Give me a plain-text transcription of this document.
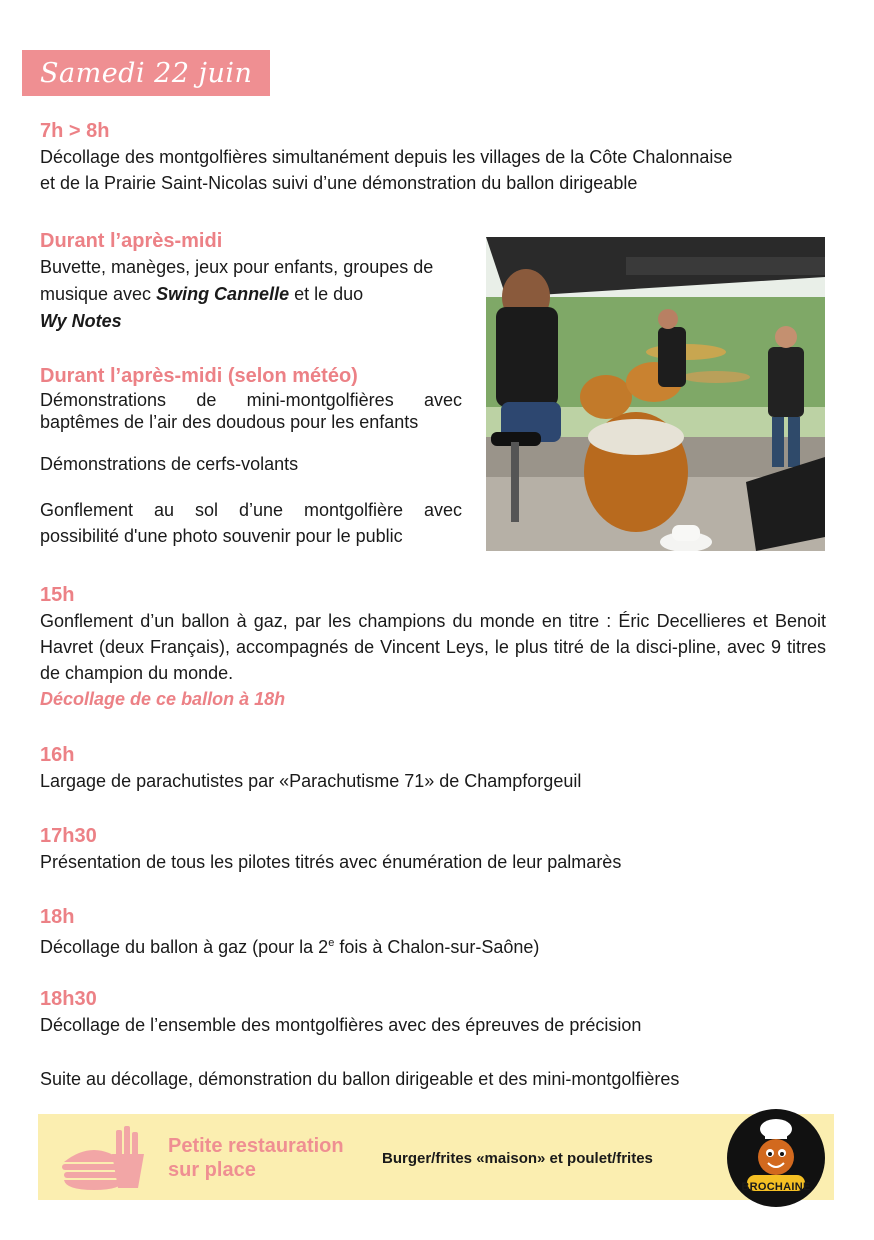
Samedi 22 juin

7h > 8h

Décollage des montgolfières simultanément depuis les villages de la Côte Chalonnaise

et de la Prairie Saint-Nicolas suivi d’une démonstration du ballon dirigeable

Durant l’après-midi

Buvette, manèges, jeux pour enfants, groupes de musique avec Swing Cannelle et le duo
Wy Notes

Durant l’après-midi (selon météo)

Démonstrations de mini-montgolfières avec baptêmes de l’air des doudous pour les enfants

Démonstrations de cerfs-volants

Gonflement au sol d’une montgolfière avec possibilité d'une photo souvenir pour le public

15h

Gonflement d’un ballon à gaz, par les champions du monde en titre : Éric Decellieres et Benoit Havret (deux Français), accompagnés de Vincent Leys, le plus titré de la disci-pline, avec 9 titres de champion du monde.

Décollage de ce ballon à 18h

16h

Largage de parachutistes par «Parachutisme 71» de Champforgeuil

17h30

Présentation de tous les pilotes titrés avec énumération de leur palmarès

18h

Décollage du ballon à gaz (pour la 2e fois à Chalon-sur-Saône)

18h30

Décollage de l’ensemble des montgolfières avec des épreuves de précision

Suite au décollage, démonstration du ballon dirigeable et des mini-montgolfières

Petite restauration
sur place
Burger/frites «maison» et poulet/frites
BROCHAINE
